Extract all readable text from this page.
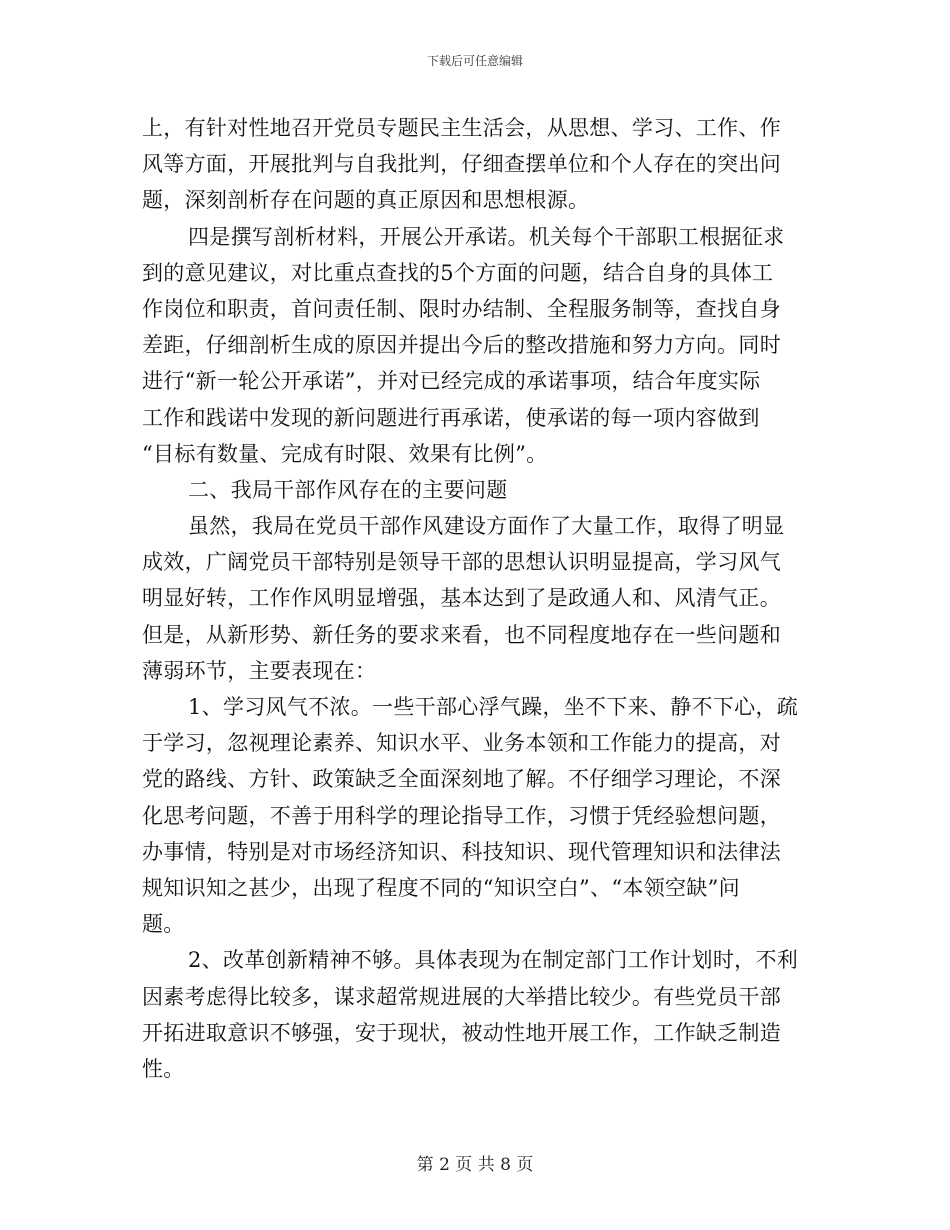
下载后可任意编辑
上，有针对性地召开党员专题民主生活会，从思想、学习、工作、作
风等方面，开展批判与自我批判，仔细查摆单位和个人存在的突出问
题，深刻剖析存在问题的真正原因和思想根源。
四是撰写剖析材料，开展公开承诺。机关每个干部职工根据征求
到的意见建议，对比重点查找的5个方面的问题，结合自身的具体工
作岗位和职责，首问责任制、限时办结制、全程服务制等，查找自身
差距，仔细剖析生成的原因并提出今后的整改措施和努力方向。同时
进行“新一轮公开承诺”，并对已经完成的承诺事项，结合年度实际
工作和践诺中发现的新问题进行再承诺，使承诺的每一项内容做到
“目标有数量、完成有时限、效果有比例”。
二、我局干部作风存在的主要问题
虽然，我局在党员干部作风建设方面作了大量工作，取得了明显
成效，广阔党员干部特别是领导干部的思想认识明显提高，学习风气
明显好转，工作作风明显增强，基本达到了是政通人和、风清气正。
但是，从新形势、新任务的要求来看，也不同程度地存在一些问题和
薄弱环节，主要表现在：
1、学习风气不浓。一些干部心浮气躁，坐不下来、静不下心，疏
于学习，忽视理论素养、知识水平、业务本领和工作能力的提高，对
党的路线、方针、政策缺乏全面深刻地了解。不仔细学习理论，不深
化思考问题，不善于用科学的理论指导工作，习惯于凭经验想问题，
办事情，特别是对市场经济知识、科技知识、现代管理知识和法律法
规知识知之甚少，出现了程度不同的“知识空白”、“本领空缺”问
题。
2、改革创新精神不够。具体表现为在制定部门工作计划时，不利
因素考虑得比较多，谋求超常规进展的大举措比较少。有些党员干部
开拓进取意识不够强，安于现状，被动性地开展工作，工作缺乏制造
性。
第 2 页 共 8 页
